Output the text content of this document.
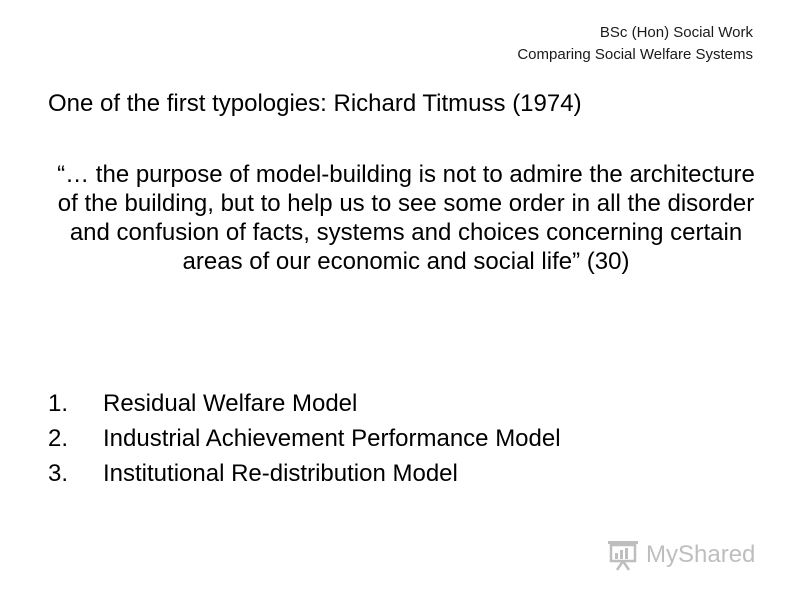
BSc (Hon) Social Work
Comparing Social Welfare Systems
One of the first typologies: Richard Titmuss (1974)
“… the purpose of model-building is not to admire the architecture of the building, but to help us to see some order in all the disorder and confusion of facts, systems and choices concerning certain areas of our economic and social life” (30)
1.	Residual Welfare Model
2.	Industrial Achievement Performance Model
3.	Institutional Re-distribution Model
MyShared
